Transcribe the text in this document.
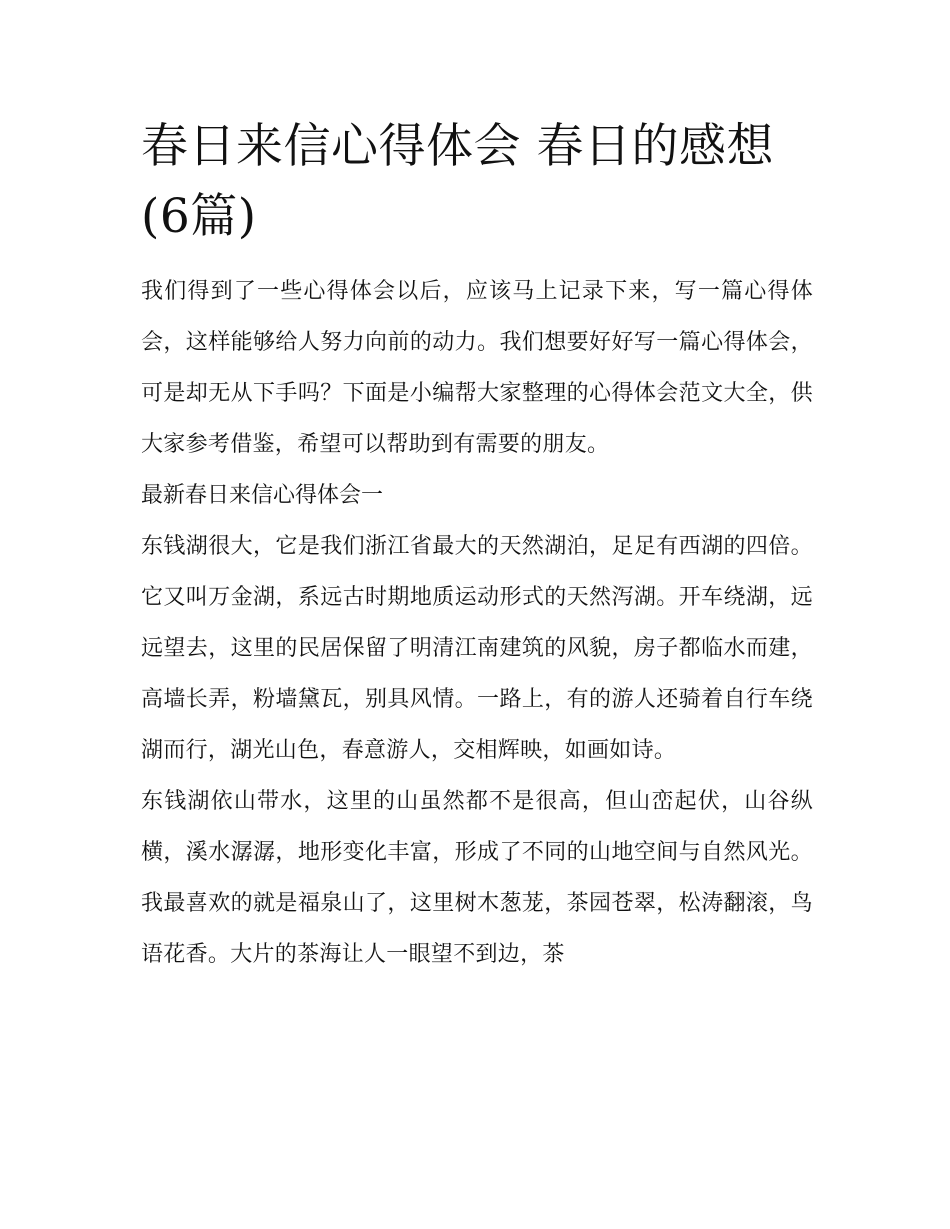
春日来信心得体会 春日的感想(6篇)

我们得到了一些心得体会以后，应该马上记录下来，写一篇心得体会，这样能够给人努力向前的动力。我们想要好好写一篇心得体会，可是却无从下手吗？下面是小编帮大家整理的心得体会范文大全，供大家参考借鉴，希望可以帮助到有需要的朋友。

最新春日来信心得体会一

东钱湖很大，它是我们浙江省最大的天然湖泊，足足有西湖的四倍。它又叫万金湖，系远古时期地质运动形式的天然泻湖。开车绕湖，远远望去，这里的民居保留了明清江南建筑的风貌，房子都临水而建，高墙长弄，粉墙黛瓦，别具风情。一路上，有的游人还骑着自行车绕湖而行，湖光山色，春意游人，交相辉映，如画如诗。

东钱湖依山带水，这里的山虽然都不是很高，但山峦起伏，山谷纵横，溪水潺潺，地形变化丰富，形成了不同的山地空间与自然风光。我最喜欢的就是福泉山了，这里树木葱茏，茶园苍翠，松涛翻滚，鸟语花香。大片的茶海让人一眼望不到边，茶
